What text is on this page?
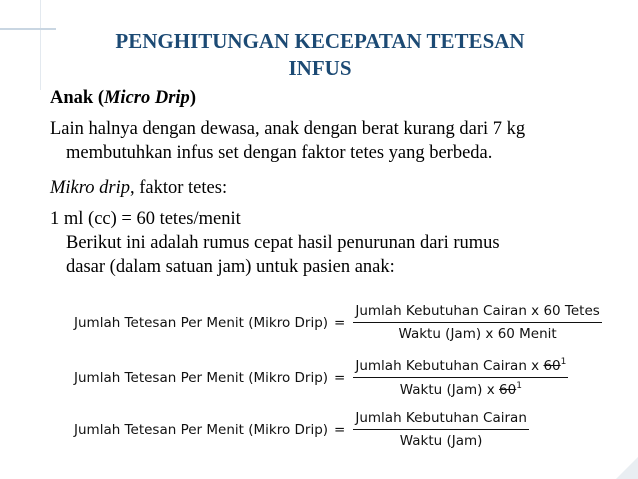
PENGHITUNGAN KECEPATAN TETESAN
INFUS
Anak (Micro Drip)
Lain halnya dengan dewasa, anak dengan berat kurang dari 7 kg
membutuhkan infus set dengan faktor tetes yang berbeda.
Mikro drip, faktor tetes:
1 ml (cc) = 60 tetes/menit
Berikut ini adalah rumus cepat hasil penurunan dari rumus
dasar (dalam satuan jam) untuk pasien anak:
Jumlah Tetesan Per Menit (Mikro Drip) = $\frac{\text{Jumlah Kebutuhan Cairan x 60 Tetes}}{\text{Waktu (Jam) x 60 Menit}}$
Jumlah Tetesan Per Menit (Mikro Drip) = $\frac{Jumlah Kebutuhan Cairan x 60^1}{Waktu (Jam) x 60^1}$
Jumlah Tetesan Per Menit (Mikro Drip) = $\frac{\text{Jumlah Kebutuhan Cairan}}{\text{Waktu (Jam)}}$
